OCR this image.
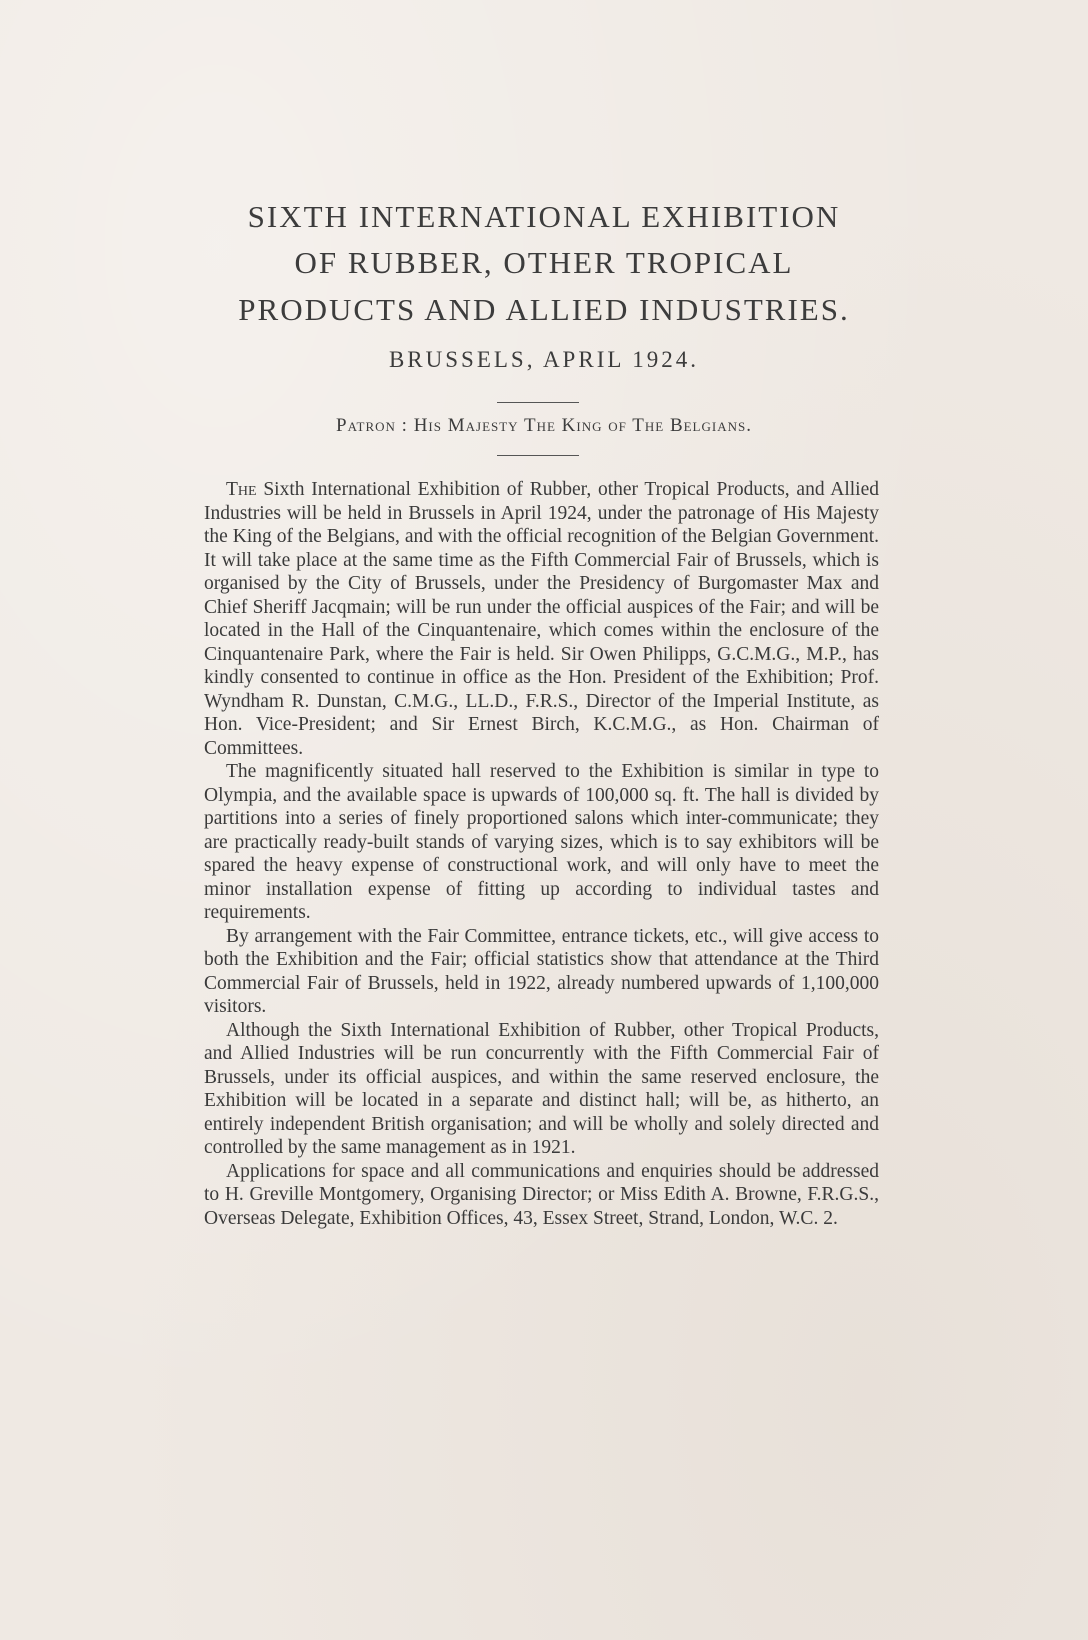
SIXTH INTERNATIONAL EXHIBITION
OF RUBBER, OTHER TROPICAL
PRODUCTS AND ALLIED INDUSTRIES.
BRUSSELS, APRIL 1924.
Patron : His Majesty The King of The Belgians.

The Sixth International Exhibition of Rubber, other Tropical Products, and Allied Industries will be held in Brussels in April 1924, under the patronage of His Majesty the King of the Belgians, and with the official recognition of the Belgian Government. It will take place at the same time as the Fifth Commercial Fair of Brussels, which is organised by the City of Brussels, under the Presidency of Burgomaster Max and Chief Sheriff Jacqmain; will be run under the official auspices of the Fair; and will be located in the Hall of the Cinquantenaire, which comes within the enclosure of the Cinquantenaire Park, where the Fair is held. Sir Owen Philipps, G.C.M.G., M.P., has kindly consented to continue in office as the Hon. President of the Exhibition; Prof. Wyndham R. Dunstan, C.M.G., LL.D., F.R.S., Director of the Imperial Institute, as Hon. Vice-President; and Sir Ernest Birch, K.C.M.G., as Hon. Chairman of Committees.

The magnificently situated hall reserved to the Exhibition is similar in type to Olympia, and the available space is upwards of 100,000 sq. ft. The hall is divided by partitions into a series of finely proportioned salons which inter-communicate; they are practically ready-built stands of varying sizes, which is to say exhibitors will be spared the heavy expense of constructional work, and will only have to meet the minor installation expense of fitting up according to individual tastes and requirements.

By arrangement with the Fair Committee, entrance tickets, etc., will give access to both the Exhibition and the Fair; official statistics show that attendance at the Third Commercial Fair of Brussels, held in 1922, already numbered upwards of 1,100,000 visitors.

Although the Sixth International Exhibition of Rubber, other Tropical Products, and Allied Industries will be run concurrently with the Fifth Commercial Fair of Brussels, under its official auspices, and within the same reserved enclosure, the Exhibition will be located in a separate and distinct hall; will be, as hitherto, an entirely independent British organisation; and will be wholly and solely directed and controlled by the same management as in 1921.

Applications for space and all communications and enquiries should be addressed to H. Greville Montgomery, Organising Director; or Miss Edith A. Browne, F.R.G.S., Overseas Delegate, Exhibition Offices, 43, Essex Street, Strand, London, W.C. 2.
